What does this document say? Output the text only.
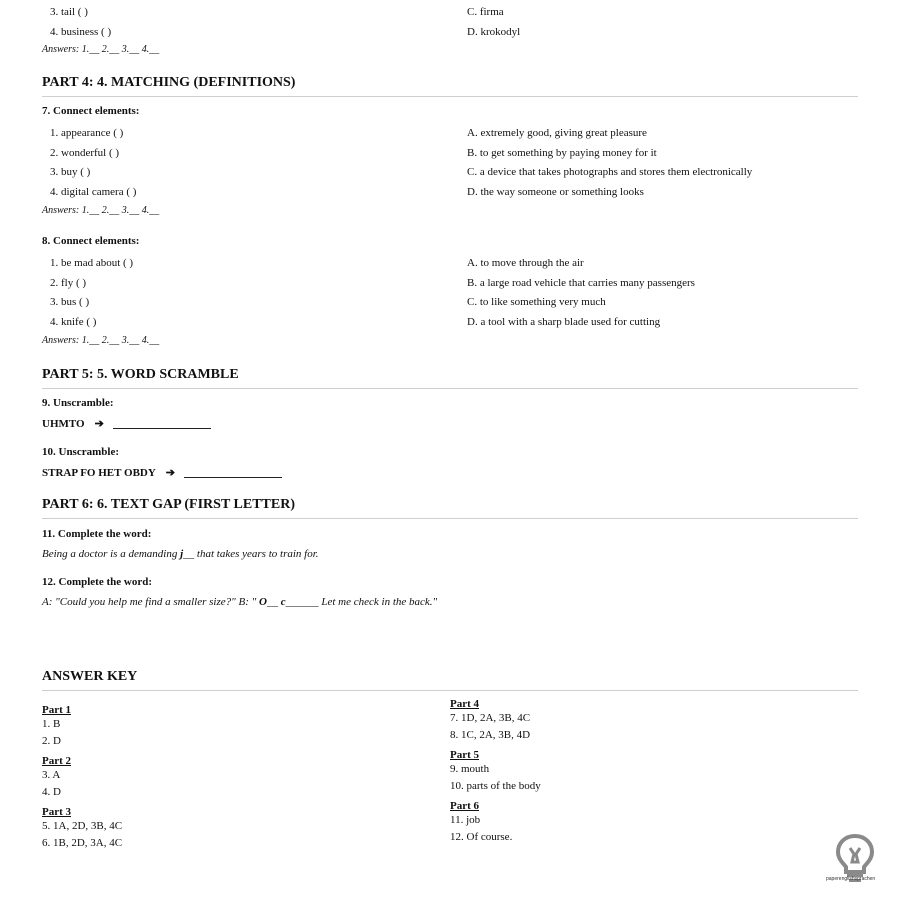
3. tail ( )	C. firma
4. business ( )	D. krokodyl
Answers: 1.__ 2.__ 3.__ 4.__
PART 4: 4. MATCHING (DEFINITIONS)
7. Connect elements:
1. appearance ( )	A. extremely good, giving great pleasure
2. wonderful ( )	B. to get something by paying money for it
3. buy ( )	C. a device that takes photographs and stores them electronically
4. digital camera ( )	D. the way someone or something looks
Answers: 1.__ 2.__ 3.__ 4.__
8. Connect elements:
1. be mad about ( )	A. to move through the air
2. fly ( )	B. a large road vehicle that carries many passengers
3. bus ( )	C. to like something very much
4. knife ( )	D. a tool with a sharp blade used for cutting
Answers: 1.__ 2.__ 3.__ 4.__
PART 5: 5. WORD SCRAMBLE
9. Unscramble:
UHMTO ➔
10. Unscramble:
STRAP FO HET OBDY ➔
PART 6: 6. TEXT GAP (FIRST LETTER)
11. Complete the word:
Being a doctor is a demanding j__ that takes years to train for.
12. Complete the word:
A: "Could you help me find a smaller size?" B: " O__ c______ Let me check in the back."
ANSWER KEY
Part 1
1. B
2. D
Part 2
3. A
4. D
Part 3
5. 1A, 2D, 3B, 4C
6. 1B, 2D, 3A, 4C
Part 4
7. 1D, 2A, 3B, 4C
8. 1C, 2A, 3B, 4D
Part 5
9. mouth
10. parts of the body
Part 6
11. job
12. Of course.
paperenglishsprachen
